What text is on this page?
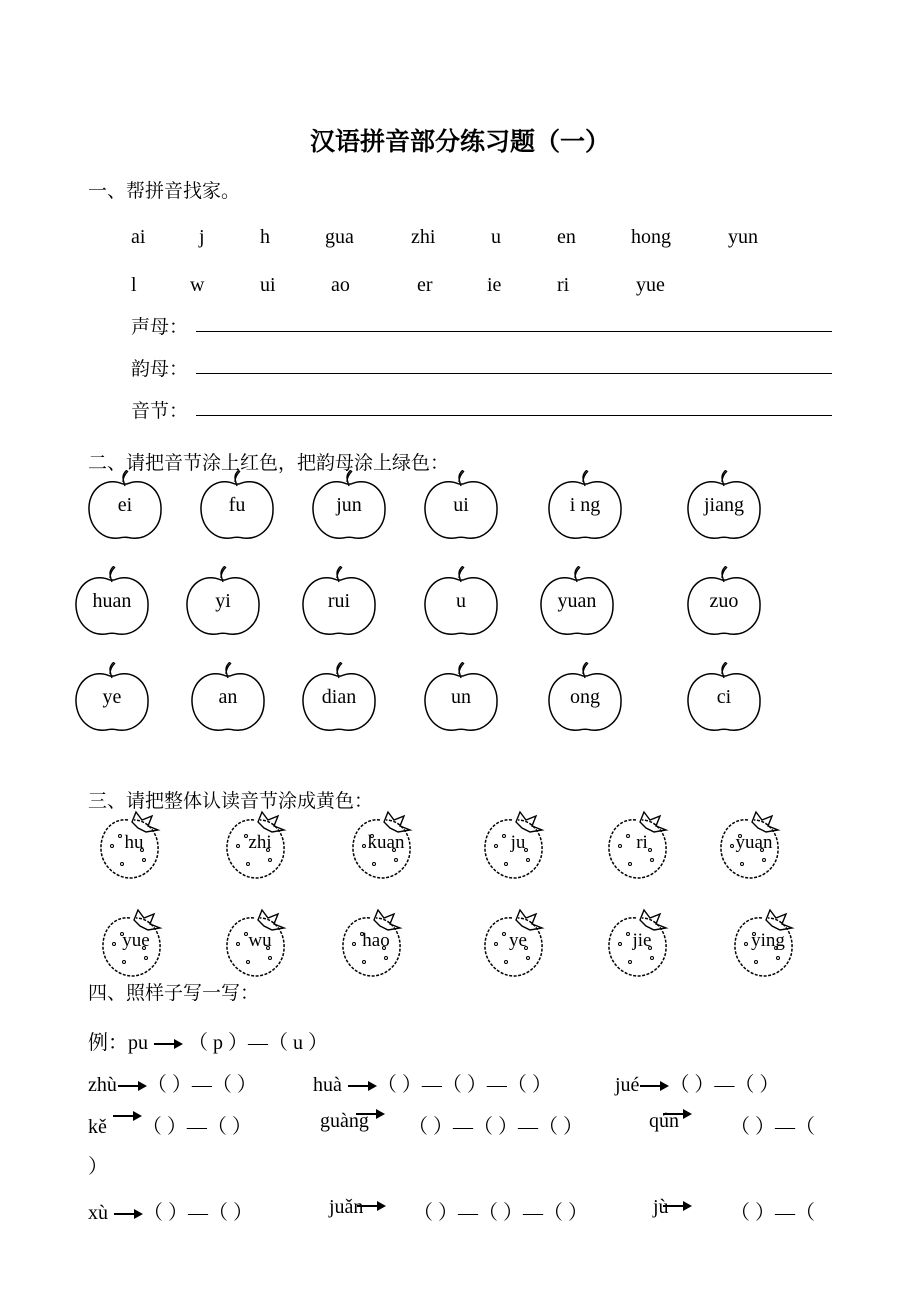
汉语拼音部分练习题（一）
一、帮拼音找家。
ai	j	h	gua	zhi	u	en	hong	yun
l	w	ui	ao	er	ie	ri	yue
声母：
韵母：
音节：
二、请把音节涂上红色，把韵母涂上绿色：
ei	fu	jun	ui	i ng	jiang
huan	yi	rui	u	yuan	zuo
ye	an	dian	un	ong	ci
三、请把整体认读音节涂成黄色：
hu	zhi	kuan	ju	ri	yuan
yue	wu	hao	ye	jie	ying
四、照样子写一写：
例：pu （ p ）—（ u ）
zhù （ ）—（ ）	huà （ ）—（ ）—（ ）	jué （ ）—（ ）
kě （ ）—（ ）	guàng （ ）—（ ）—（ ）	qún	（ ）—（
）
xù （ ）—（ ）	juǎn （ ）—（ ）—（ ）	jù	（ ）—（
